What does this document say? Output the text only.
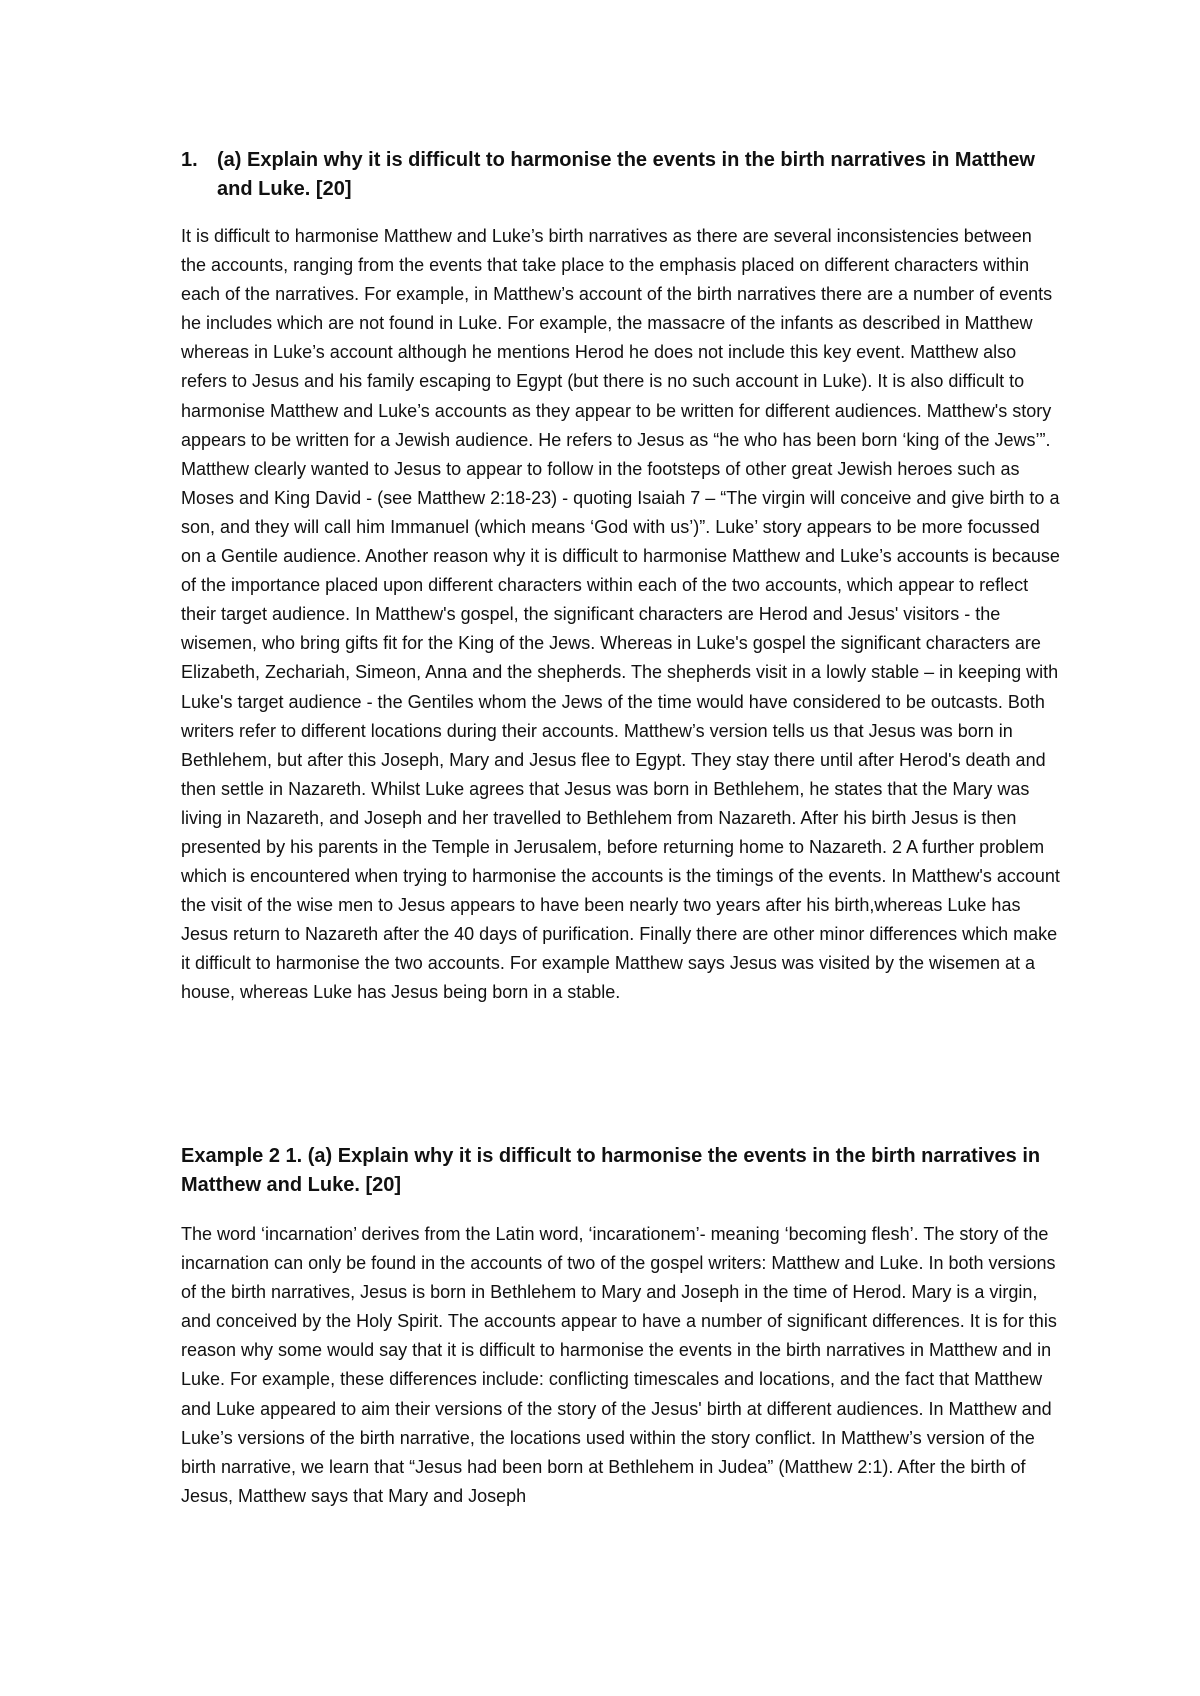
1. (a) Explain why it is difficult to harmonise the events in the birth narratives in Matthew and Luke. [20]

It is difficult to harmonise Matthew and Luke’s birth narratives as there are several inconsistencies between the accounts, ranging from the events that take place to the emphasis placed on different characters within each of the narratives. For example, in Matthew’s account of the birth narratives there are a number of events he includes which are not found in Luke. For example, the massacre of the infants as described in Matthew whereas in Luke’s account although he mentions Herod he does not include this key event. Matthew also refers to Jesus and his family escaping to Egypt (but there is no such account in Luke). It is also difficult to harmonise Matthew and Luke’s accounts as they appear to be written for different audiences. Matthew's story appears to be written for a Jewish audience. He refers to Jesus as “he who has been born ‘king of the Jews’”. Matthew clearly wanted to Jesus to appear to follow in the footsteps of other great Jewish heroes such as Moses and King David - (see Matthew 2:18-23) - quoting Isaiah 7 – “The virgin will conceive and give birth to a son, and they will call him Immanuel (which means ‘God with us’)”. Luke’ story appears to be more focussed on a Gentile audience. Another reason why it is difficult to harmonise Matthew and Luke’s accounts is because of the importance placed upon different characters within each of the two accounts, which appear to reflect their target audience. In Matthew's gospel, the significant characters are Herod and Jesus' visitors - the wisemen, who bring gifts fit for the King of the Jews. Whereas in Luke's gospel the significant characters are Elizabeth, Zechariah, Simeon, Anna and the shepherds. The shepherds visit in a lowly stable – in keeping with Luke's target audience - the Gentiles whom the Jews of the time would have considered to be outcasts. Both writers refer to different locations during their accounts. Matthew’s version tells us that Jesus was born in Bethlehem, but after this Joseph, Mary and Jesus flee to Egypt. They stay there until after Herod's death and then settle in Nazareth. Whilst Luke agrees that Jesus was born in Bethlehem, he states that the Mary was living in Nazareth, and Joseph and her travelled to Bethlehem from Nazareth. After his birth Jesus is then presented by his parents in the Temple in Jerusalem, before returning home to Nazareth. 2 A further problem which is encountered when trying to harmonise the accounts is the timings of the events. In Matthew's account the visit of the wise men to Jesus appears to have been nearly two years after his birth,whereas Luke has Jesus return to Nazareth after the 40 days of purification. Finally there are other minor differences which make it difficult to harmonise the two accounts. For example Matthew says Jesus was visited by the wisemen at a house, whereas Luke has Jesus being born in a stable.

Example 2 1. (a) Explain why it is difficult to harmonise the events in the birth narratives in Matthew and Luke. [20]

The word ‘incarnation’ derives from the Latin word, ‘incarationem’- meaning ‘becoming flesh’. The story of the incarnation can only be found in the accounts of two of the gospel writers: Matthew and Luke. In both versions of the birth narratives, Jesus is born in Bethlehem to Mary and Joseph in the time of Herod. Mary is a virgin, and conceived by the Holy Spirit. The accounts appear to have a number of significant differences. It is for this reason why some would say that it is difficult to harmonise the events in the birth narratives in Matthew and in Luke. For example, these differences include: conflicting timescales and locations, and the fact that Matthew and Luke appeared to aim their versions of the story of the Jesus' birth at different audiences. In Matthew and Luke’s versions of the birth narrative, the locations used within the story conflict. In Matthew’s version of the birth narrative, we learn that “Jesus had been born at Bethlehem in Judea” (Matthew 2:1). After the birth of Jesus, Matthew says that Mary and Joseph
